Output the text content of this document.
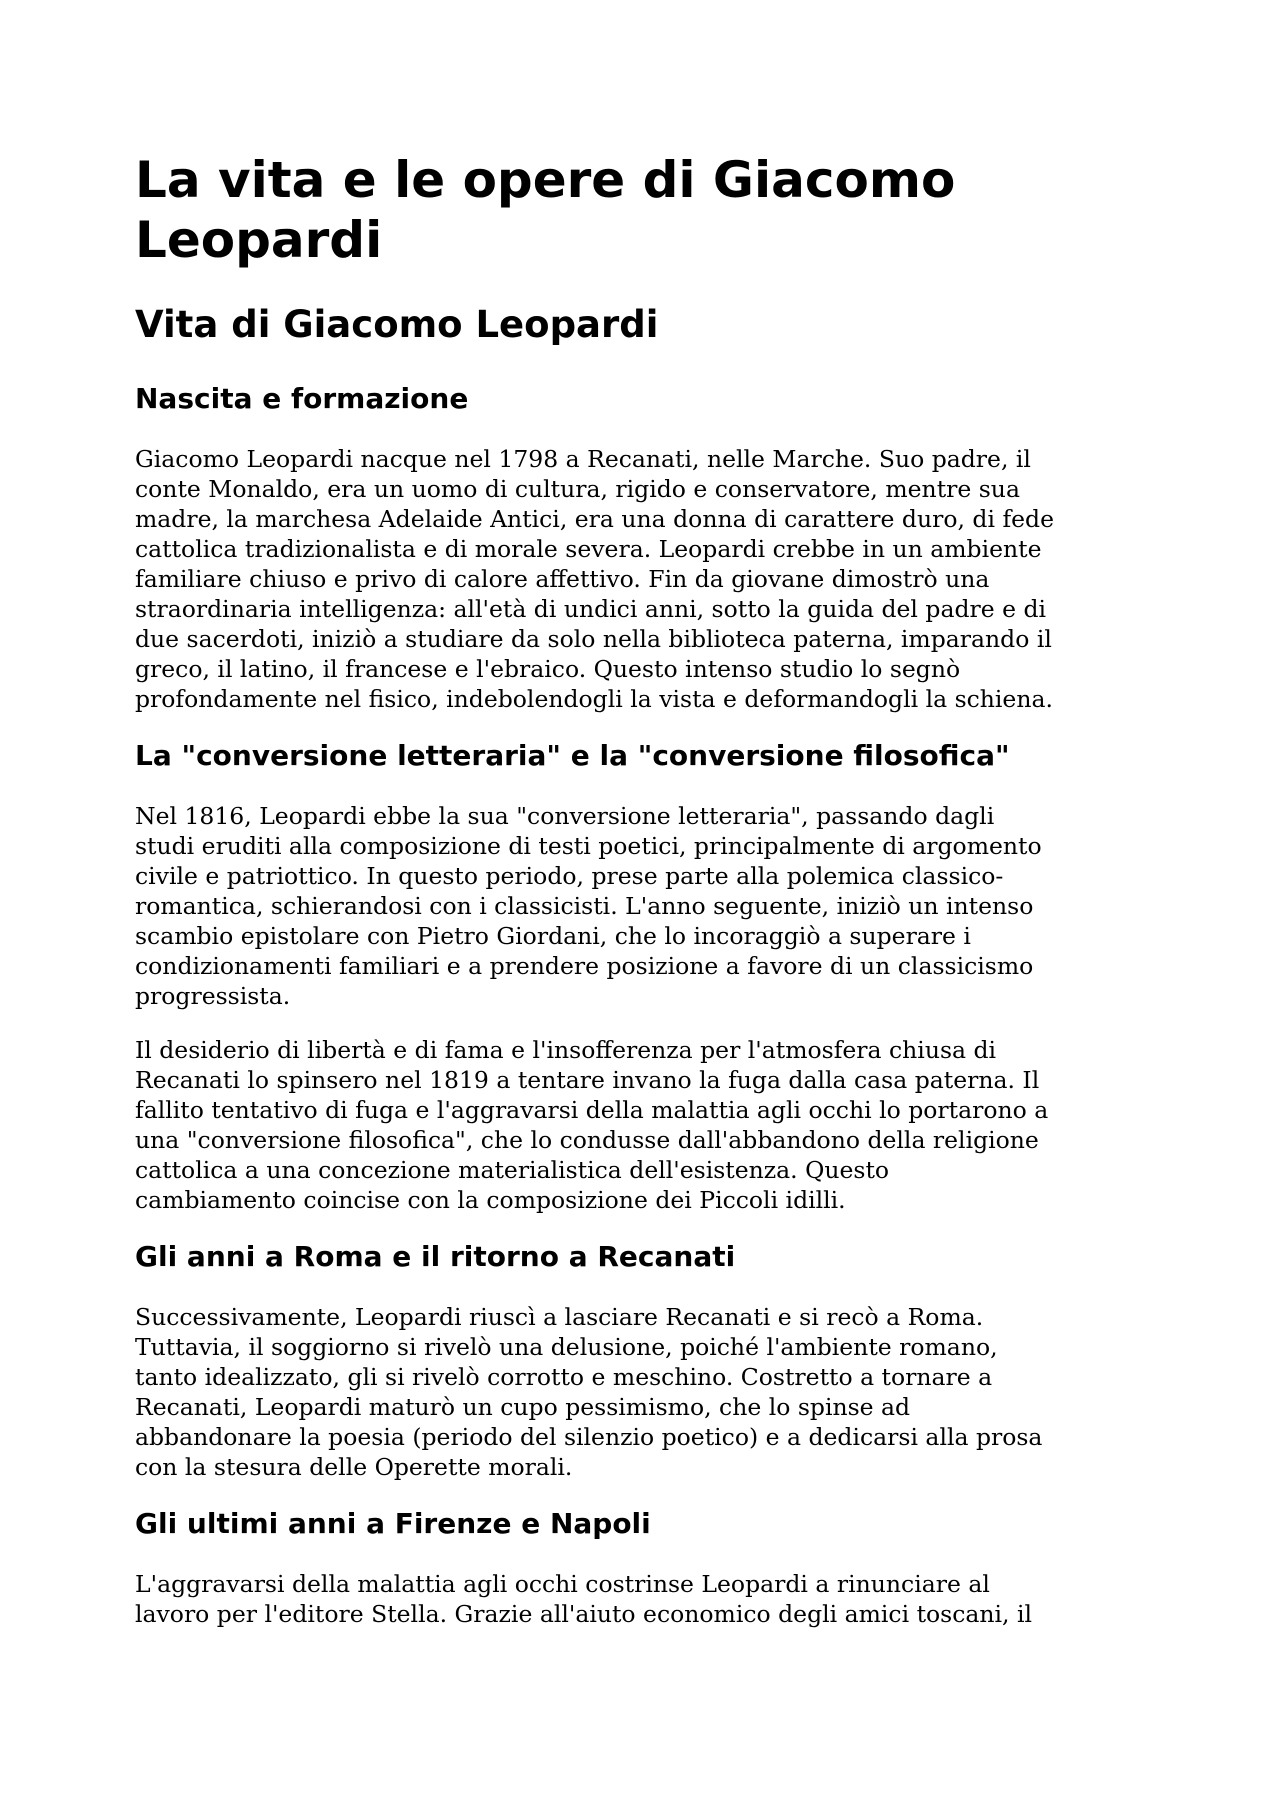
La vita e le opere di Giacomo
Leopardi
Vita di Giacomo Leopardi
Nascita e formazione

Giacomo Leopardi nacque nel 1798 a Recanati, nelle Marche. Suo padre, il
conte Monaldo, era un uomo di cultura, rigido e conservatore, mentre sua
madre, la marchesa Adelaide Antici, era una donna di carattere duro, di fede
cattolica tradizionalista e di morale severa. Leopardi crebbe in un ambiente
familiare chiuso e privo di calore affettivo. Fin da giovane dimostrò una
straordinaria intelligenza: all'età di undici anni, sotto la guida del padre e di
due sacerdoti, iniziò a studiare da solo nella biblioteca paterna, imparando il
greco, il latino, il francese e l'ebraico. Questo intenso studio lo segnò
profondamente nel fisico, indebolendogli la vista e deformandogli la schiena.

La "conversione letteraria" e la "conversione filosofica"

Nel 1816, Leopardi ebbe la sua "conversione letteraria", passando dagli
studi eruditi alla composizione di testi poetici, principalmente di argomento
civile e patriottico. In questo periodo, prese parte alla polemica classico-
romantica, schierandosi con i classicisti. L'anno seguente, iniziò un intenso
scambio epistolare con Pietro Giordani, che lo incoraggiò a superare i
condizionamenti familiari e a prendere posizione a favore di un classicismo
progressista.

Il desiderio di libertà e di fama e l'insofferenza per l'atmosfera chiusa di
Recanati lo spinsero nel 1819 a tentare invano la fuga dalla casa paterna. Il
fallito tentativo di fuga e l'aggravarsi della malattia agli occhi lo portarono a
una "conversione filosofica", che lo condusse dall'abbandono della religione
cattolica a una concezione materialistica dell'esistenza. Questo
cambiamento coincise con la composizione dei Piccoli idilli.

Gli anni a Roma e il ritorno a Recanati

Successivamente, Leopardi riuscì a lasciare Recanati e si recò a Roma.
Tuttavia, il soggiorno si rivelò una delusione, poiché l'ambiente romano,
tanto idealizzato, gli si rivelò corrotto e meschino. Costretto a tornare a
Recanati, Leopardi maturò un cupo pessimismo, che lo spinse ad
abbandonare la poesia (periodo del silenzio poetico) e a dedicarsi alla prosa
con la stesura delle Operette morali.

Gli ultimi anni a Firenze e Napoli

L'aggravarsi della malattia agli occhi costrinse Leopardi a rinunciare al
lavoro per l'editore Stella. Grazie all'aiuto economico degli amici toscani, il
